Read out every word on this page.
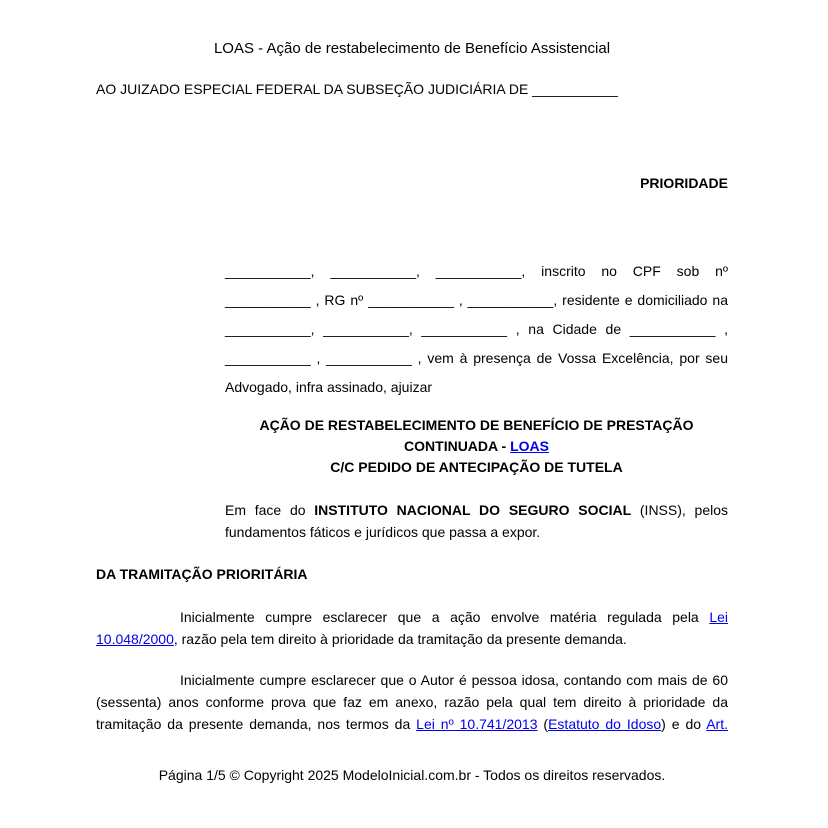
LOAS - Ação de restabelecimento de Benefício Assistencial
AO JUIZADO ESPECIAL FEDERAL DA SUBSEÇÃO JUDICIÁRIA DE ___________
PRIORIDADE
___________, ___________, ___________, inscrito no CPF sob nº
___________ , RG nº ___________ , ___________, residente e domiciliado na
___________, ___________, ___________ , na Cidade de ___________ ,
___________ , ___________ , vem à presença de Vossa Excelência, por seu
Advogado, infra assinado, ajuizar
AÇÃO DE RESTABELECIMENTO DE BENEFÍCIO DE PRESTAÇÃO
CONTINUADA - LOAS
C/C PEDIDO DE ANTECIPAÇÃO DE TUTELA
Em face do INSTITUTO NACIONAL DO SEGURO SOCIAL (INSS), pelos
fundamentos fáticos e jurídicos que passa a expor.
DA TRAMITAÇÃO PRIORITÁRIA
Inicialmente cumpre esclarecer que a ação envolve matéria regulada pela Lei
10.048/2000, razão pela tem direito à prioridade da tramitação da presente demanda.
Inicialmente cumpre esclarecer que o Autor é pessoa idosa, contando com mais de 60
(sessenta) anos conforme prova que faz em anexo, razão pela qual tem direito à prioridade da
tramitação da presente demanda, nos termos da Lei nº 10.741/2013 (Estatuto do Idoso) e do Art.
Página 1/5 © Copyright 2025 ModeloInicial.com.br - Todos os direitos reservados.
